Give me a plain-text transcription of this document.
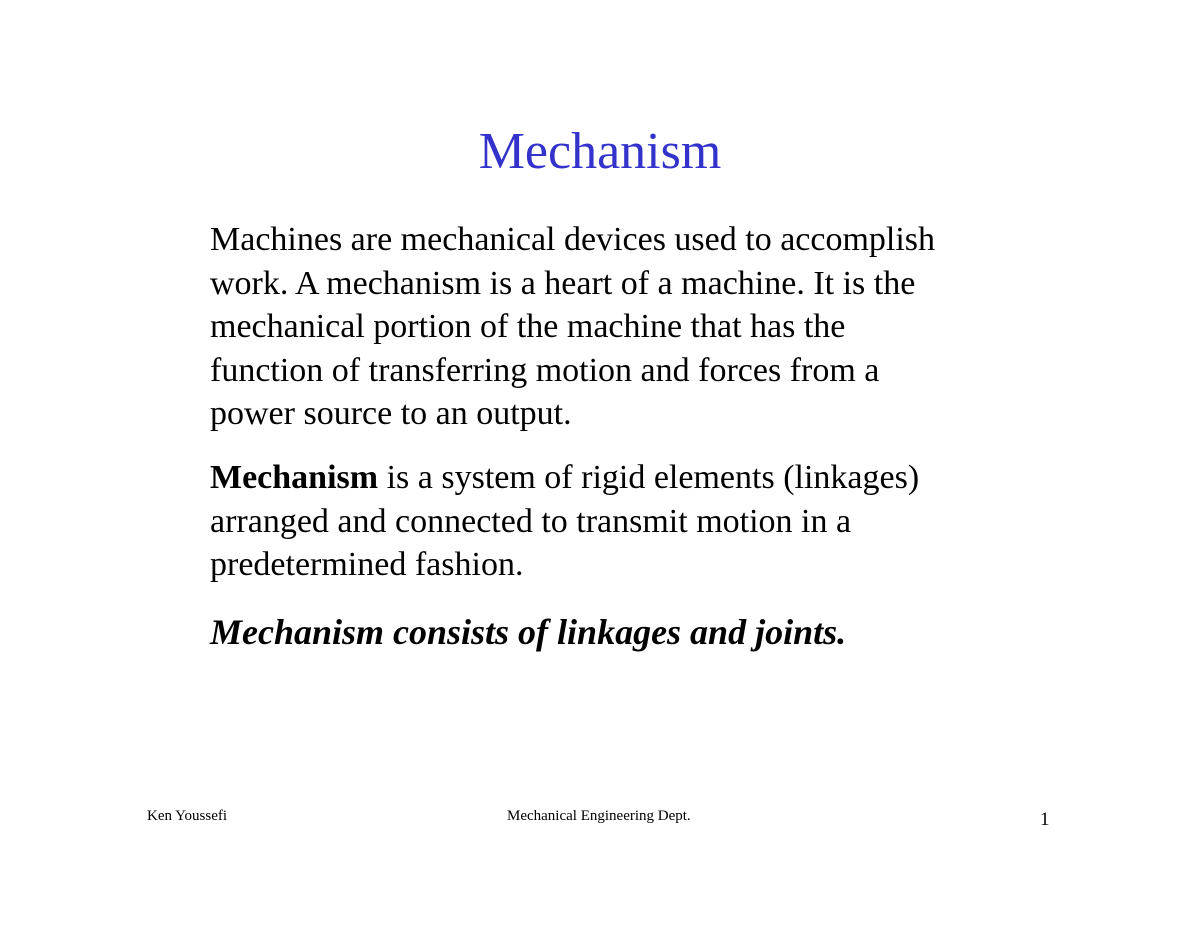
Mechanism

Machines are mechanical devices used to accomplish
work. A mechanism is a heart of a machine. It is the
mechanical portion of the machine that has the
function of transferring motion and forces from a
power source to an output.

Mechanism is a system of rigid elements (linkages)
arranged and connected to transmit motion in a
predetermined fashion.

Mechanism consists of linkages and joints.

Ken Youssefi	Mechanical Engineering Dept.	1
